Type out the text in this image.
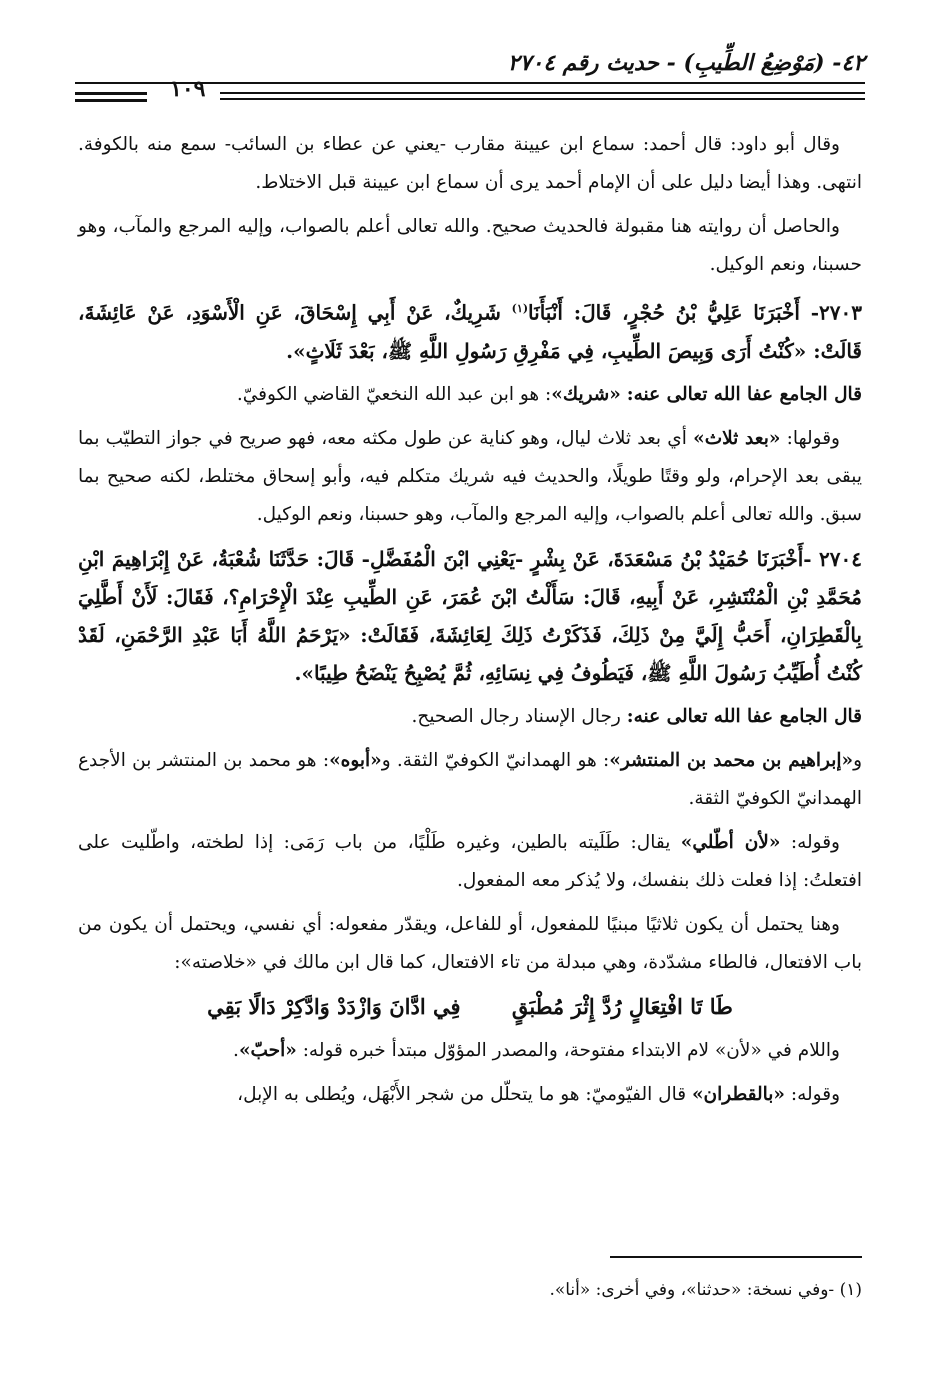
٤٢- (مَوْضِعُ الطِّيبِ) - حديث رقم ٢٧٠٤
١٠٩

وقال أبو داود: قال أحمد: سماع ابن عيينة مقارب -يعني عن عطاء بن السائب- سمع منه بالكوفة. انتهى. وهذا أيضا دليل على أن الإمام أحمد يرى أن سماع ابن عيينة قبل الاختلاط.

والحاصل أن روايته هنا مقبولة فالحديث صحيح. والله تعالى أعلم بالصواب، وإليه المرجع والمآب، وهو حسبنا، ونعم الوكيل.

٢٧٠٣- أَخْبَرَنَا عَلِيُّ بْنُ حُجْرٍ، قَالَ: أَنْبَأَنَا$^{(١)}$ شَرِيكٌ، عَنْ أَبِي إِسْحَاقَ، عَنِ الْأَسْوَدِ، عَنْ عَائِشَةَ، قَالَتْ: «كُنْتُ أَرَى وَبِيصَ الطِّيبِ، فِي مَفْرِقِ رَسُولِ اللَّهِ ﷺ، بَعْدَ ثَلَاثٍ».

قال الجامع عفا الله تعالى عنه: «شريك»: هو ابن عبد الله النخعيّ القاضي الكوفيّ.

وقولها: «بعد ثلاث» أي بعد ثلاث ليال، وهو كناية عن طول مكثه معه، فهو صريح في جواز التطيّب بما يبقى بعد الإحرام، ولو وقتًا طويلًا، والحديث فيه شريك متكلم فيه، وأبو إسحاق مختلط، لكنه صحيح بما سبق. والله تعالى أعلم بالصواب، وإليه المرجع والمآب، وهو حسبنا، ونعم الوكيل.

٢٧٠٤ -أَخْبَرَنَا حُمَيْدُ بْنُ مَسْعَدَةَ، عَنْ بِشْرٍ -يَعْنِي ابْنَ الْمُفَضَّلِ- قَالَ: حَدَّثَنَا شُعْبَةُ، عَنْ إِبْرَاهِيمَ ابْنِ مُحَمَّدِ بْنِ الْمُنْتَشِرِ، عَنْ أَبِيهِ، قَالَ: سَأَلْتُ ابْنَ عُمَرَ، عَنِ الطِّيبِ عِنْدَ الْإِحْرَامِ؟، فَقَالَ: لَأَنْ أَطَّلِيَ بِالْقَطِرَانِ، أَحَبُّ إِلَيَّ مِنْ ذَلِكَ، فَذَكَرْتُ ذَلِكَ لِعَائِشَةَ، فَقَالَتْ: «يَرْحَمُ اللَّهُ أَبَا عَبْدِ الرَّحْمَنِ، لَقَدْ كُنْتُ أُطَيِّبُ رَسُولَ اللَّهِ ﷺ، فَيَطُوفُ فِي نِسَائِهِ، ثُمَّ يُصْبِحُ يَنْضَحُ طِيبًا».

قال الجامع عفا الله تعالى عنه: رجال الإسناد رجال الصحيح.

و«إبراهيم بن محمد بن المنتشر»: هو الهمدانيّ الكوفيّ الثقة. و«أبوه»: هو محمد بن المنتشر بن الأجدع الهمدانيّ الكوفيّ الثقة.

وقوله: «لأن أطّلي» يقال: طَلَيته بالطين، وغيره طَلْيًا، من باب رَمَى: إذا لطخته، واطّليت على افتعلتُ: إذا فعلت ذلك بنفسك، ولا يُذكر معه المفعول.

وهنا يحتمل أن يكون ثلاثيًا مبنيًا للمفعول، أو للفاعل، ويقدّر مفعوله: أي نفسي، ويحتمل أن يكون من باب الافتعال، فالطاء مشدّدة، وهي مبدلة من تاء الافتعال، كما قال ابن مالك في «خلاصته»:

طَا تَا افْتِعَالٍ رُدَّ إِثْرَ مُطْبَقٍ فِي ادَّانَ وَازْدَدْ وَادَّكِرْ دَالًا بَقِي

واللام في «لأن» لام الابتداء مفتوحة، والمصدر المؤوّل مبتدأ خبره قوله: «أحبّ».

وقوله: «بالقطران» قال الفيّوميّ: هو ما يتحلّل من شجر الأَبْهَل، ويُطلى به الإبل،

(١) -وفي نسخة: «حدثنا»، وفي أخرى: «أنا».
